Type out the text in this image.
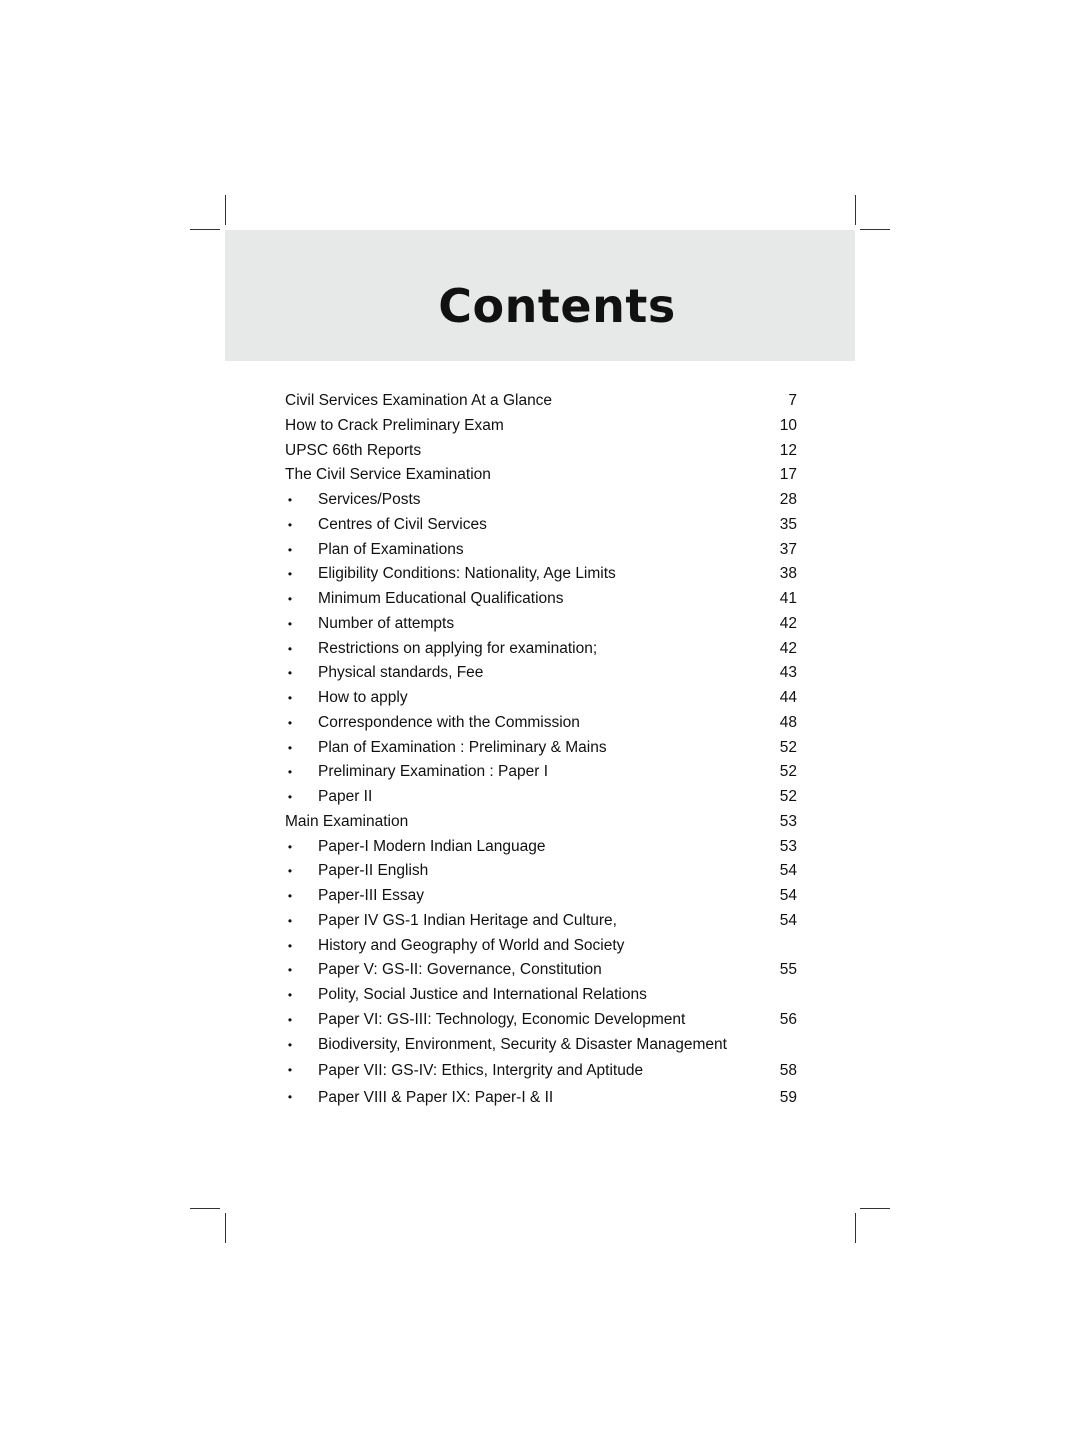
Contents
Civil Services Examination At a Glance	7
How to Crack Preliminary Exam	10
UPSC 66th Reports	12
The Civil Service Examination	17
• Services/Posts	28
• Centres of Civil Services	35
• Plan of Examinations	37
• Eligibility Conditions: Nationality, Age Limits	38
• Minimum Educational Qualifications	41
• Number of attempts	42
• Restrictions on applying for examination;	42
• Physical standards, Fee	43
• How to apply	44
• Correspondence with the Commission	48
• Plan of Examination : Preliminary & Mains	52
• Preliminary Examination : Paper I	52
• Paper II	52
Main Examination	53
• Paper-I Modern Indian Language	53
• Paper-II English	54
• Paper-III Essay	54
• Paper IV GS-1 Indian Heritage and Culture,	54
• History and Geography of World and Society
• Paper V: GS-II: Governance, Constitution	55
• Polity, Social Justice and International Relations
• Paper VI: GS-III: Technology, Economic Development	56
• Biodiversity, Environment, Security & Disaster Management
• Paper VII: GS-IV: Ethics, Intergrity and Aptitude	58
• Paper VIII & Paper IX: Paper-I & II	59
